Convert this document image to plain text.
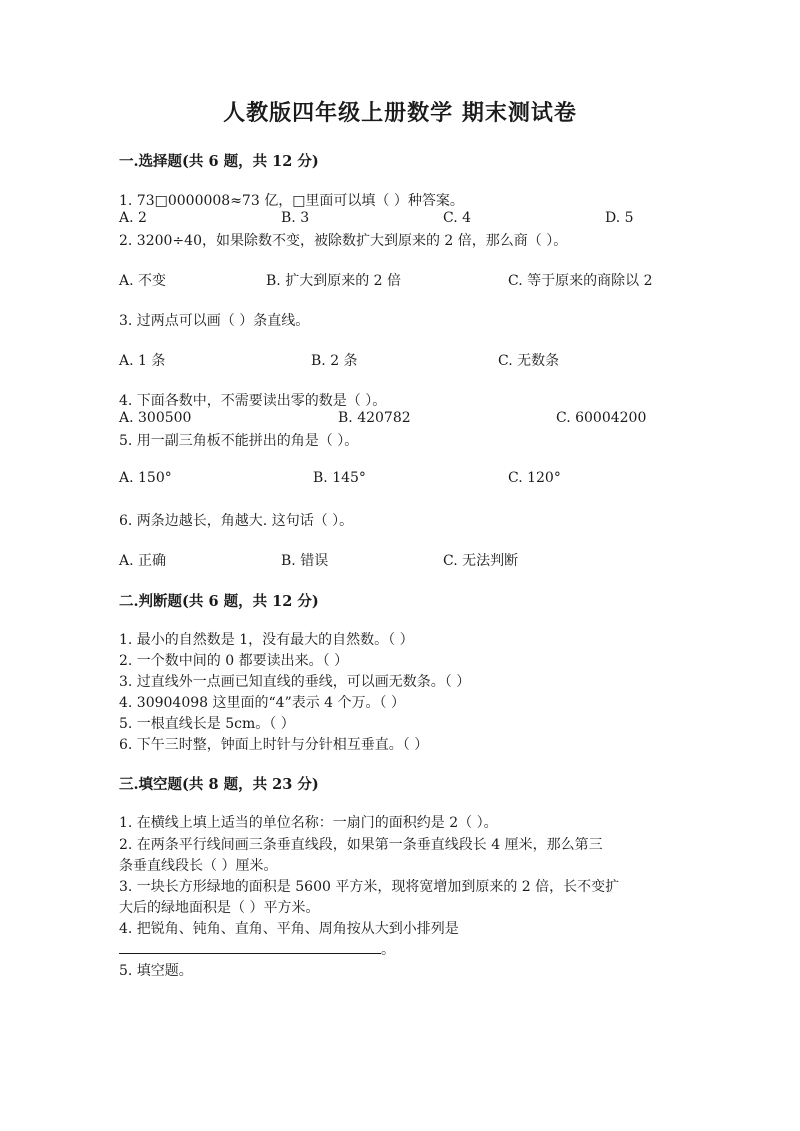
人教版四年级上册数学 期末测试卷
一.选择题(共 6 题，共 12 分)
1. 73□0000008≈73 亿，□里面可以填（ ）种答案。
A. 2	B. 3	C. 4	D. 5
2. 3200÷40，如果除数不变，被除数扩大到原来的 2 倍，那么商（ ）。
A. 不变	B. 扩大到原来的 2 倍	C. 等于原来的商除以 2
3. 过两点可以画（ ）条直线。
A. 1 条	B. 2 条	C. 无数条
4. 下面各数中，不需要读出零的数是（ ）。
A. 300500	B. 420782	C. 60004200
5. 用一副三角板不能拼出的角是（ ）。
A. 150°	B. 145°	C. 120°
6. 两条边越长，角越大. 这句话（ ）。
A. 正确	B. 错误	C. 无法判断
二.判断题(共 6 题，共 12 分)
1. 最小的自然数是 1，没有最大的自然数。（ ）
2. 一个数中间的 0 都要读出来。（ ）
3. 过直线外一点画已知直线的垂线，可以画无数条。（ ）
4. 30904098 这里面的“4”表示 4 个万。（ ）
5. 一根直线长是 5cm。（ ）
6. 下午三时整，钟面上时针与分针相互垂直。（ ）
三.填空题(共 8 题，共 23 分)
1. 在横线上填上适当的单位名称：一扇门的面积约是 2（ ）。
2. 在两条平行线间画三条垂直线段，如果第一条垂直线段长 4 厘米，那么第三
条垂直线段长（ ）厘米。
3. 一块长方形绿地的面积是 5600 平方米，现将宽增加到原来的 2 倍，长不变扩
大后的绿地面积是（ ）平方米。
4. 把锐角、钝角、直角、平角、周角按从大到小排列是
。
5. 填空题。
